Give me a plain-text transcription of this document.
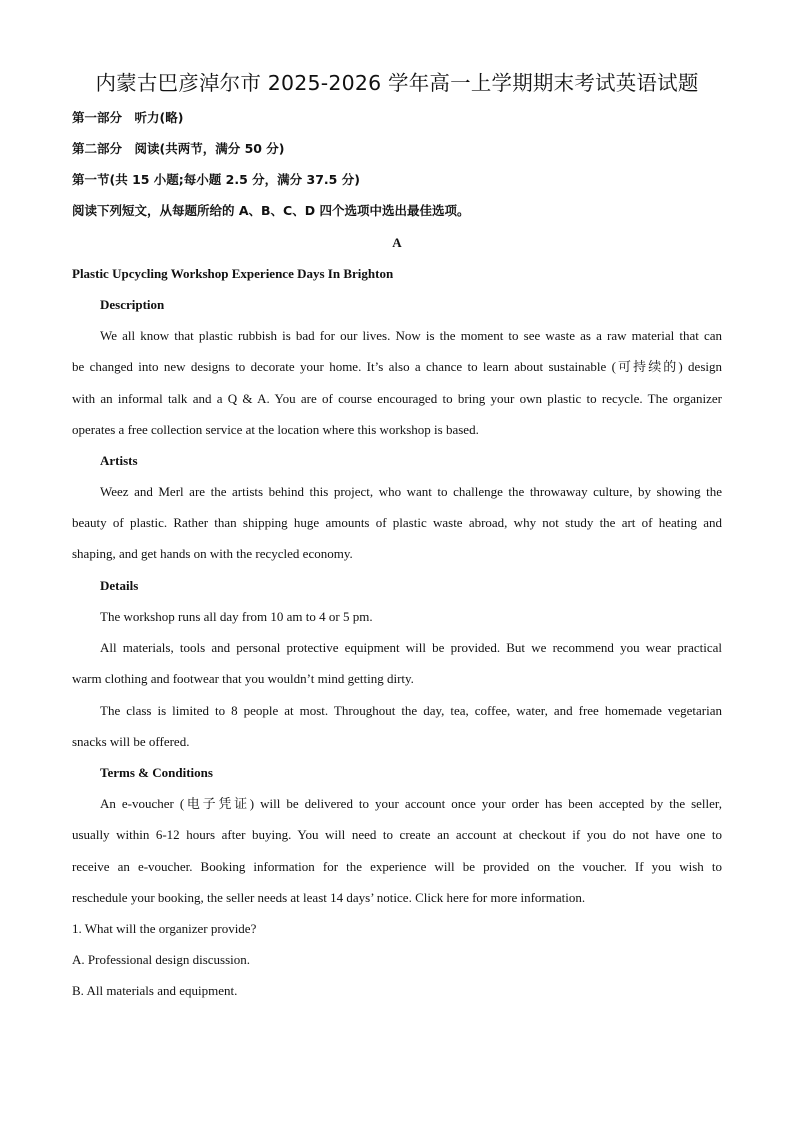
内蒙古巴彦淖尔市 2025-2026 学年高一上学期期末考试英语试题
第一部分　听力(略)
第二部分　阅读(共两节，满分 50 分)
第一节(共 15 小题;每小题 2.5 分，满分 37.5 分)
阅读下列短文，从每题所给的 A、B、C、D 四个选项中选出最佳选项。
A
Plastic Upcycling Workshop Experience Days In Brighton
Description
We all know that plastic rubbish is bad for our lives. Now is the moment to see waste as a raw material that can
be changed into new designs to decorate your home. It’s also a chance to learn about sustainable (可持续的) design
with an informal talk and a Q & A. You are of course encouraged to bring your own plastic to recycle. The organizer
operates a free collection service at the location where this workshop is based.
Artists
Weez and Merl are the artists behind this project, who want to challenge the throwaway culture, by showing the
beauty of plastic. Rather than shipping huge amounts of plastic waste abroad, why not study the art of heating and
shaping, and get hands on with the recycled economy.
Details
The workshop runs all day from 10 am to 4 or 5 pm.
All materials, tools and personal protective equipment will be provided. But we recommend you wear practical
warm clothing and footwear that you wouldn’t mind getting dirty.
The class is limited to 8 people at most. Throughout the day, tea, coffee, water, and free homemade vegetarian
snacks will be offered.
Terms & Conditions
An e-voucher (电子凭证) will be delivered to your account once your order has been accepted by the seller,
usually within 6-12 hours after buying. You will need to create an account at checkout if you do not have one to
receive an e-voucher. Booking information for the experience will be provided on the voucher. If you wish to
reschedule your booking, the seller needs at least 14 days’ notice. Click here for more information.
1. What will the organizer provide?
A. Professional design discussion.
B. All materials and equipment.
